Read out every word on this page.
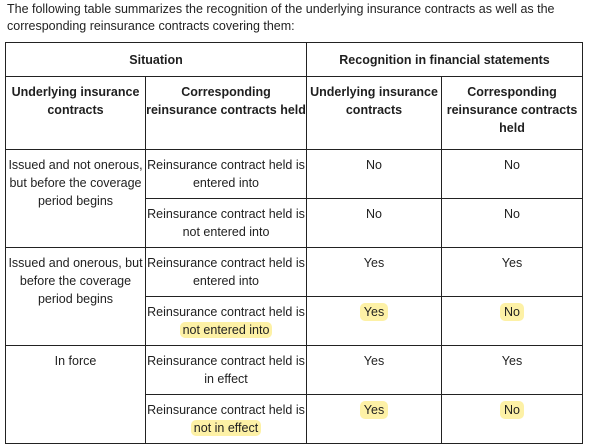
The following table summarizes the recognition of the underlying insurance contracts as well as the corresponding reinsurance contracts covering them:

Situation		Recognition in financial statements	
Underlying insurance contracts	Corresponding reinsurance contracts held	Underlying insurance contracts	Corresponding reinsurance contracts held
Issued and not onerous, but before the coverage period begins	Reinsurance contract held is entered into	No	No
	Reinsurance contract held is not entered into	No	No
Issued and onerous, but before the coverage period begins	Reinsurance contract held is entered into	Yes	Yes
	Reinsurance contract held is not entered into	Yes	No
In force	Reinsurance contract held is in effect	Yes	Yes
	Reinsurance contract held is not in effect	Yes	No
